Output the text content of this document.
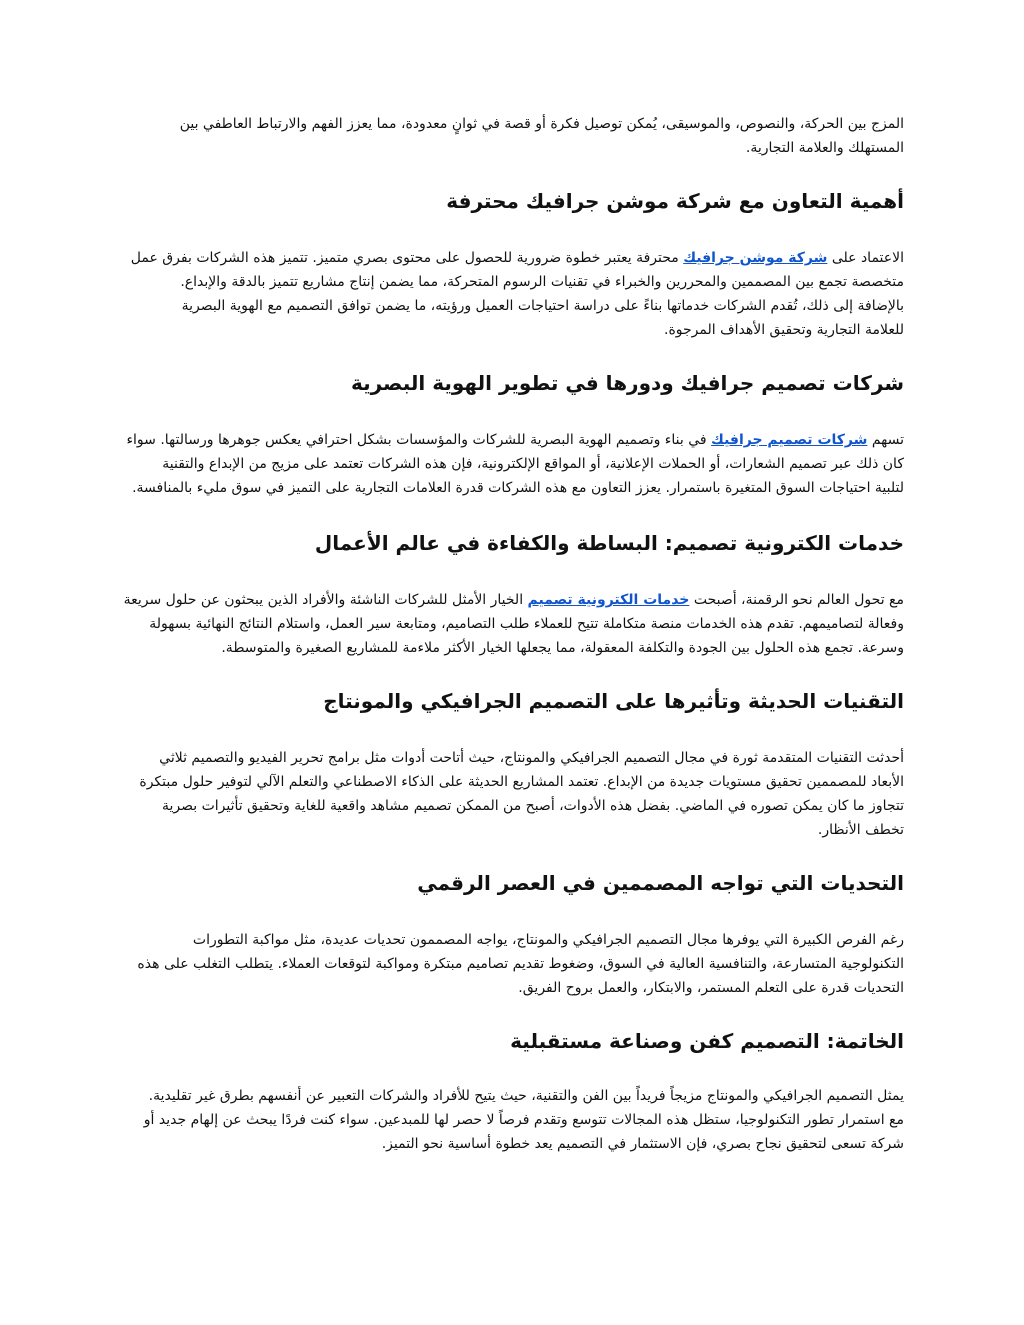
المزج بين الحركة، والنصوص، والموسيقى، يُمكن توصيل فكرة أو قصة في ثوانٍ معدودة، مما يعزز الفهم والارتباط العاطفي بين
المستهلك والعلامة التجارية.

أهمية التعاون مع شركة موشن جرافيك محترفة

الاعتماد على شركة موشن جرافيك محترفة يعتبر خطوة ضرورية للحصول على محتوى بصري متميز. تتميز هذه الشركات بفرق عمل
متخصصة تجمع بين المصممين والمحررين والخبراء في تقنيات الرسوم المتحركة، مما يضمن إنتاج مشاريع تتميز بالدقة والإبداع.
بالإضافة إلى ذلك، تُقدم الشركات خدماتها بناءً على دراسة احتياجات العميل ورؤيته، ما يضمن توافق التصميم مع الهوية البصرية
للعلامة التجارية وتحقيق الأهداف المرجوة.

شركات تصميم جرافيك ودورها في تطوير الهوية البصرية

تسهم شركات تصميم جرافيك في بناء وتصميم الهوية البصرية للشركات والمؤسسات بشكل احترافي يعكس جوهرها ورسالتها. سواء
كان ذلك عبر تصميم الشعارات، أو الحملات الإعلانية، أو المواقع الإلكترونية، فإن هذه الشركات تعتمد على مزيج من الإبداع والتقنية
لتلبية احتياجات السوق المتغيرة باستمرار. يعزز التعاون مع هذه الشركات قدرة العلامات التجارية على التميز في سوق مليء بالمنافسة.

خدمات الكترونية تصميم: البساطة والكفاءة في عالم الأعمال

مع تحول العالم نحو الرقمنة، أصبحت خدمات الكترونية تصميم الخيار الأمثل للشركات الناشئة والأفراد الذين يبحثون عن حلول سريعة
وفعالة لتصاميمهم. تقدم هذه الخدمات منصة متكاملة تتيح للعملاء طلب التصاميم، ومتابعة سير العمل، واستلام النتائج النهائية بسهولة
وسرعة. تجمع هذه الحلول بين الجودة والتكلفة المعقولة، مما يجعلها الخيار الأكثر ملاءمة للمشاريع الصغيرة والمتوسطة.

التقنيات الحديثة وتأثيرها على التصميم الجرافيكي والمونتاج

أحدثت التقنيات المتقدمة ثورة في مجال التصميم الجرافيكي والمونتاج، حيث أتاحت أدوات مثل برامج تحرير الفيديو والتصميم ثلاثي
الأبعاد للمصممين تحقيق مستويات جديدة من الإبداع. تعتمد المشاريع الحديثة على الذكاء الاصطناعي والتعلم الآلي لتوفير حلول مبتكرة
تتجاوز ما كان يمكن تصوره في الماضي. بفضل هذه الأدوات، أصبح من الممكن تصميم مشاهد واقعية للغاية وتحقيق تأثيرات بصرية
تخطف الأنظار.

التحديات التي تواجه المصممين في العصر الرقمي

رغم الفرص الكبيرة التي يوفرها مجال التصميم الجرافيكي والمونتاج، يواجه المصممون تحديات عديدة، مثل مواكبة التطورات
التكنولوجية المتسارعة، والتنافسية العالية في السوق، وضغوط تقديم تصاميم مبتكرة ومواكبة لتوقعات العملاء. يتطلب التغلب على هذه
التحديات قدرة على التعلم المستمر، والابتكار، والعمل بروح الفريق.

الخاتمة: التصميم كفن وصناعة مستقبلية

يمثل التصميم الجرافيكي والمونتاج مزيجاً فريداً بين الفن والتقنية، حيث يتيح للأفراد والشركات التعبير عن أنفسهم بطرق غير تقليدية.
مع استمرار تطور التكنولوجيا، ستظل هذه المجالات تتوسع وتقدم فرصاً لا حصر لها للمبدعين. سواء كنت فردًا يبحث عن إلهام جديد أو
شركة تسعى لتحقيق نجاح بصري، فإن الاستثمار في التصميم يعد خطوة أساسية نحو التميز.
